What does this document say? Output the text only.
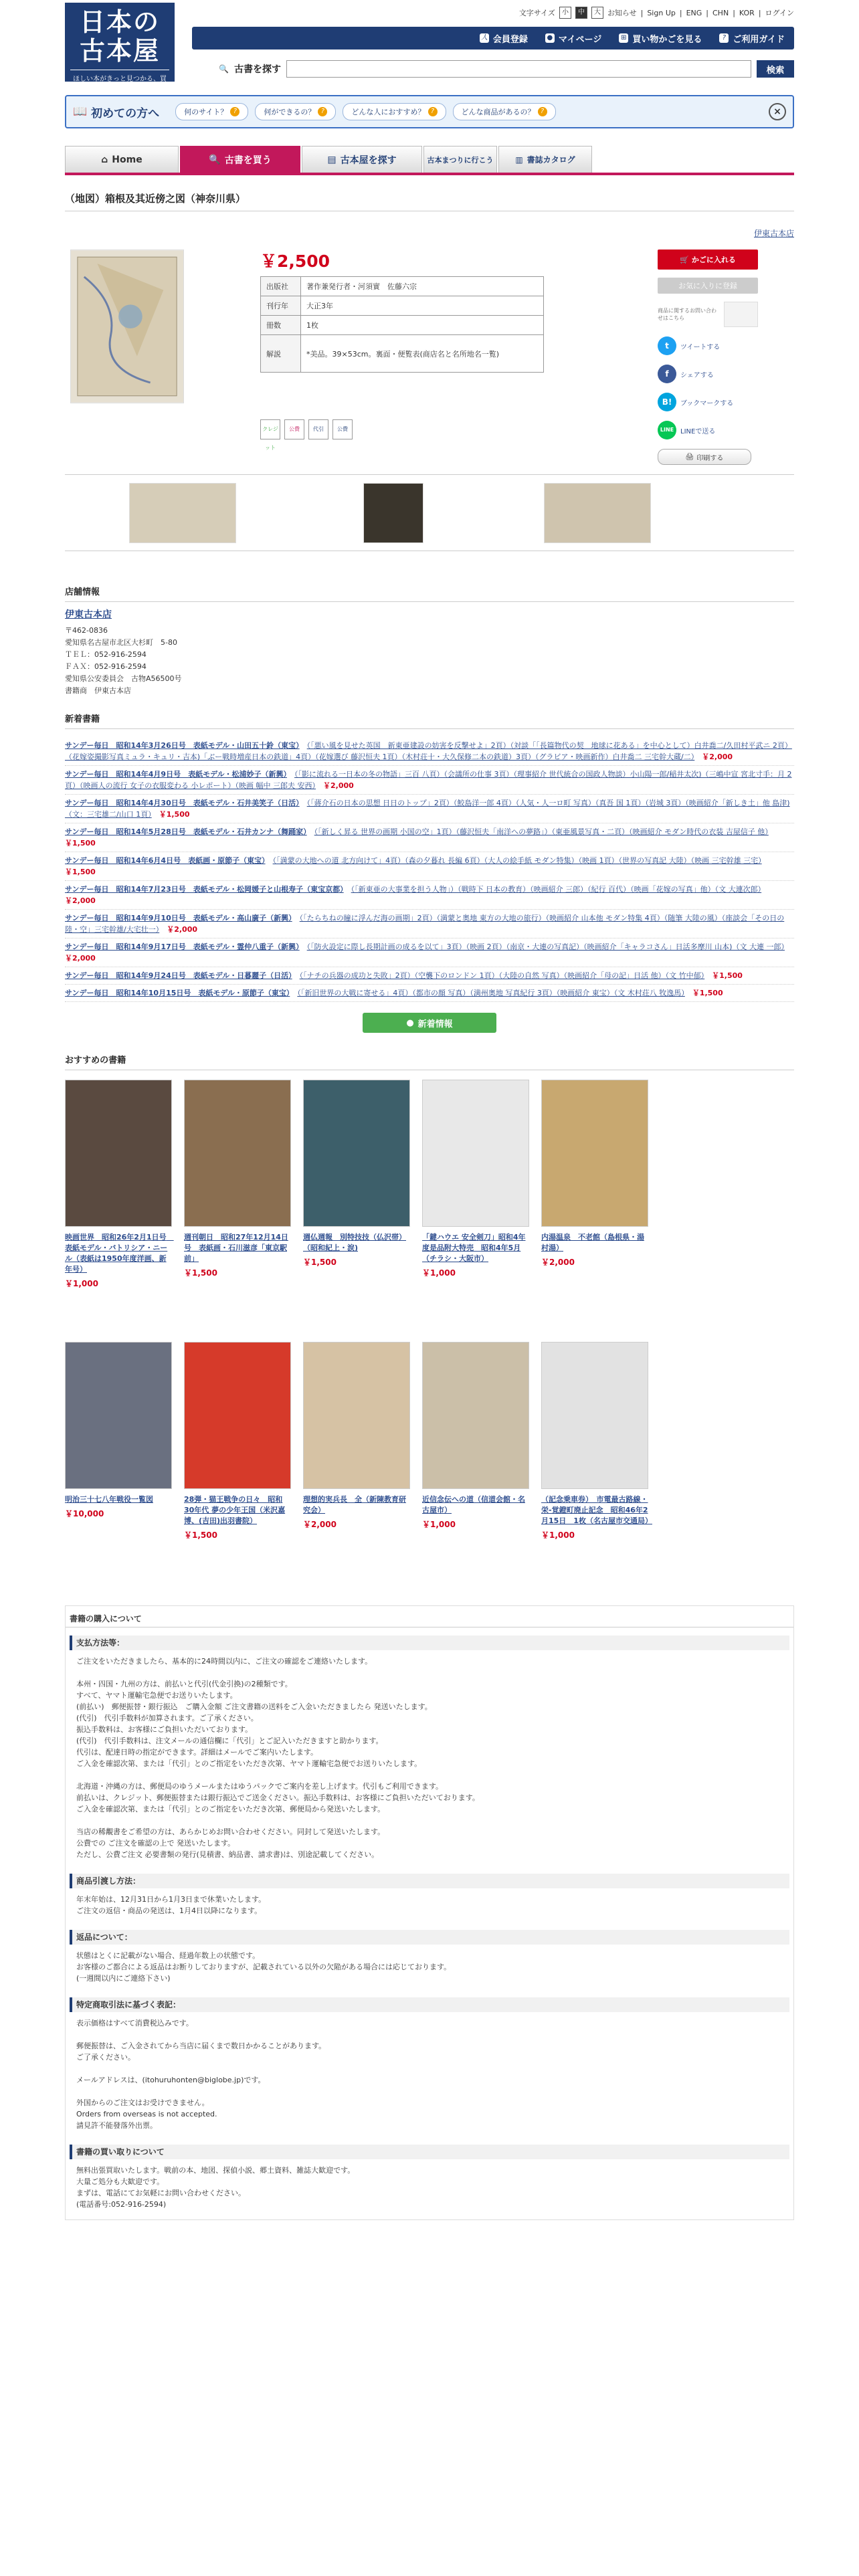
日本の
古本屋
ほしい本がきっと見つかる、買える
文字サイズ	小	中	大 お知らせ | Sign Up | ENG | CHN | KOR | ログイン
人 会員登録	● マイページ	⊞ 買い物かごを見る	? ご利用ガイド
🔍 古書を探す	検索
📖 初めての方へ	何のサイト？ ?	何ができるの？ ?	どんな人におすすめ？ ?	どんな商品があるの？ ?	×
⌂ Home	🔍 古書を買う	▤ 古本屋を探す	古本まつりに行こう	▥ 書誌カタログ
（地図）箱根及其近傍之図（神奈川県）
伊東古本店
￥2,500
出版社	著作兼発行者・河須實　佐藤六宗
刊行年	大正3年
冊数	1枚
解説	*美品。39×53cm。裏面・便覧表(商店名と名所地名一覧)
クレジット
公費	代引	公費
🛒 かごに入れる
お気に入りに登録
商品に関するお問い合わせはこちら
t	ツイートする
f	シェアする
B!	ブックマークする
LINE LINEで送る
🖨 印刷する
店舗情報
伊東古本店
〒462-0836
愛知県名古屋市北区大杉町　5-80
ＴＥＬ：052-916-2594
ＦＡＸ：052-916-2594
愛知県公安委員会　古物A56500号
書籍商　伊東古本店
新着書籍
サンデー毎日　昭和14年3月26日号　表紙モデル・山田五十鈴（東宝）　 （「悪い風を見せた英国　新東亜建設の妨害を反撃せよ」2頁）（対談「「長篇物代の契　地球に花ある」を中心として）白井喬二/久田村平武ニ 2頁）（花嫁姿撮影写真ミュラ・キュリ・吉本)「ぶー戦時増産日本の鉄道」4頁）（花嫁選び 藤沢恒夫 1頁）（木村荘十・大久保修二本の鉄道）3頁）（グラビア・映画新作）白井喬二 三宅幹大蔵/二）　 ￥2,000
サンデー毎日　昭和14年4月9日号　表紙モデル・松浦妙子（新興）　 （「影に流れる一日本の冬の物語」三百 八頁）（会議所の仕事 3頁）（理事紹介 世代統合の国政人物談）小山陽一郎/稲井太次)（三嶋中宣 宮北寸手：月 2頁）（映画人の流行 女子の衣服変わる 小レポート）（映画 幅中 三郎夫 安西）　 ￥2,000
サンデー毎日　昭和14年4月30日号　表紙モデル・石井美笑子（日活）　 （「蔣介石の日本の思想 日日のトップ」2頁）（鮫島洋一郎 4頁）（人気・人一ロ町 写真）（真吾 国 1頁）（岩城 3頁）（映画紹介「新しき土」他 島津)（文：三宅雄二/山口 1頁）　 ￥1,500
サンデー毎日　昭和14年5月28日号　表紙モデル・石井カンナ（舞踊家）　 （「新しく昇る 世界の画期 小国の空」1頁）（藤沢恒夫「南洋への夢路」）（東亜風景写真・二頁）（映画紹介 モダン時代の衣装 吉屋信子 他）　￥1,500
サンデー毎日　昭和14年6月4日号　表紙画・原節子（東宝）　 （「満蒙の大地への道 北方向けて」4頁）（森の夕暮れ 長編 6頁）（大人の絵手紙 モダン特集）（映画 1頁）（世界の写真記 大陸）（映画 三宅幹雄 三宅）　￥1,500
サンデー毎日　昭和14年7月23日号　表紙モデル・松岡媛子と山根寿子（東宝京都）　 （「新東亜の大事業を担う人物」）（戦時下 日本の教育）（映画紹介 三郎）（紀行 百代）（映画「花嫁の写真」他）（文 大連次郎）　￥2,000
サンデー毎日　昭和14年9月10日号　表紙モデル・高山廣子（新興）　 （「たらちねの瞳に浮んだ海の画期」2頁）（満蒙と奥地 東方の大地の旅行）（映画紹介 山本他 モダン特集 4頁）（随筆 大陸の風）（座談会「その日の陸・空」三宅幹雄/大宅壮一）　 ￥2,000
サンデー毎日　昭和14年9月17日号　表紙モデル・霊仲八重子（新興）　 （「防火設定に際し長期計画の成るを以て」3頁）（映画 2頁）（南京・大連の写真記）（映画紹介「キャラコさん」日活多摩川 山本)（文 大連 一郎）　￥2,000
サンデー毎日　昭和14年9月24日号　表紙モデル・日暮麗子（日活）　 （「ナチの兵器の成功と失敗」2頁）（空襲下のロンドン 1頁）（大陸の自然 写真）（映画紹介「母の記」日活 他）（文 竹中郁）　 ￥1,500
サンデー毎日　昭和14年10月15日号　表紙モデル・原節子（東宝）　 （「新旧世界の大戦に寄せる」4頁）（都市の顔 写真）（満州奥地 写真紀行 3頁）（映画紹介 東宝）（文 木村荘八 牧逸馬）　 ￥1,500
● 新着情報
おすすめの書籍
映画世界　昭和26年2月1日号　表紙モデル・バトリシア・ニール（表紙は1950年度洋画、新年号）
￥1,000
週刊朝日　昭和27年12月14日号　表紙画・石川滋彦「東京駅前」
￥1,500
週仏週報　別特技技（仏沢帯）（昭和紀上・涙)
￥1,500
「鍵ハウエ 安全剣刀」昭和4年度是品附大特売　昭和4年5月（チラシ・大阪市）
￥1,000
内湯温泉　不老館（島根県・湯村湯）
￥2,000
明治三十七八年戦役一覧図
￥10,000
28弾・猫王戦争の日々　昭和30年代 夢の少年王国（米沢嘉博、(吉田)出羽書院）
￥1,500
理想的実兵長　全（新陳教育研究会）
￥2,000
近信念伝への道（信道会館・名古屋市）
￥1,000
（記念乗車券）　市電最古路線・栄-覚鐙町廃止記念　昭和46年2月15日　1枚（名古屋市交通局）
￥1,000
書籍の購入について
支払方法等：
ご注文をいただきましたら、基本的に24時間以内に、ご注文の確認をご連絡いたします。

本州・四国・九州の方は、前払いと代引(代金引換)の2種類です。
すべて、ヤマト運輸宅急便でお送りいたします。
(前払い)　郵便振替・銀行振込　ご購入金額 ご注文書籍の送料をご入金いただきましたら 発送いたします。
(代引)　代引手数料が加算されます。ご了承ください。
振込手数料は、お客様にご負担いただいております。
(代引)　代引手数料は、注文メールの通信欄に「代引」とご記入いただきますと助かります。
代引は、配達日時の指定ができます。詳細はメールでご案内いたします。
ご入金を確認次第、または「代引」とのご指定をいただき次第、ヤマト運輸宅急便でお送りいたします。

北海道・沖縄の方は、郵便局のゆうメールまたはゆうパックでご案内を差し上げます。代引もご利用できます。
前払いは、クレジット、郵便振替または銀行振込でご送金ください。振込手数料は、お客様にご負担いただいております。
ご入金を確認次第、または「代引」とのご指定をいただき次第、郵便局から発送いたします。

当店の稀覯書をご希望の方は、あらかじめお問い合わせください。同封して発送いたします。
公費での ご注文を確認の上で 発送いたします。
ただし、公費ご注文 必要書類の発行(見積書、納品書、請求書)は、別途記載してください。
商品引渡し方法：
年末年始は、12月31日から1月3日まで休業いたします。
ご注文の返信・商品の発送は、1月4日以降になります。
返品について：
状態はとくに記載がない場合、経過年数上の状態です。
お客様のご都合による返品はお断りしておりますが、記載されている以外の欠陥がある場合には応じております。
(一週間以内にご連絡下さい)
特定商取引法に基づく表記：
表示価格はすべて消費税込みです。

郵便振替は、ご入金されてから当店に届くまで数日かかることがあります。
ご了承ください。

メールアドレスは、(itohuruhonten@biglobe.jp)です。

外国からのご注文はお受けできません。
Orders from overseas is not accepted.
請見許不能發落外出票。
書籍の買い取りについて
無料出張買取いたします。戦前の本、地図、探偵小説、郷土資料、雑誌大歓迎です。
大量ご処分も大歓迎です。
まずは、電話にてお気軽にお問い合わせください。
(電話番号:052-916-2594)
